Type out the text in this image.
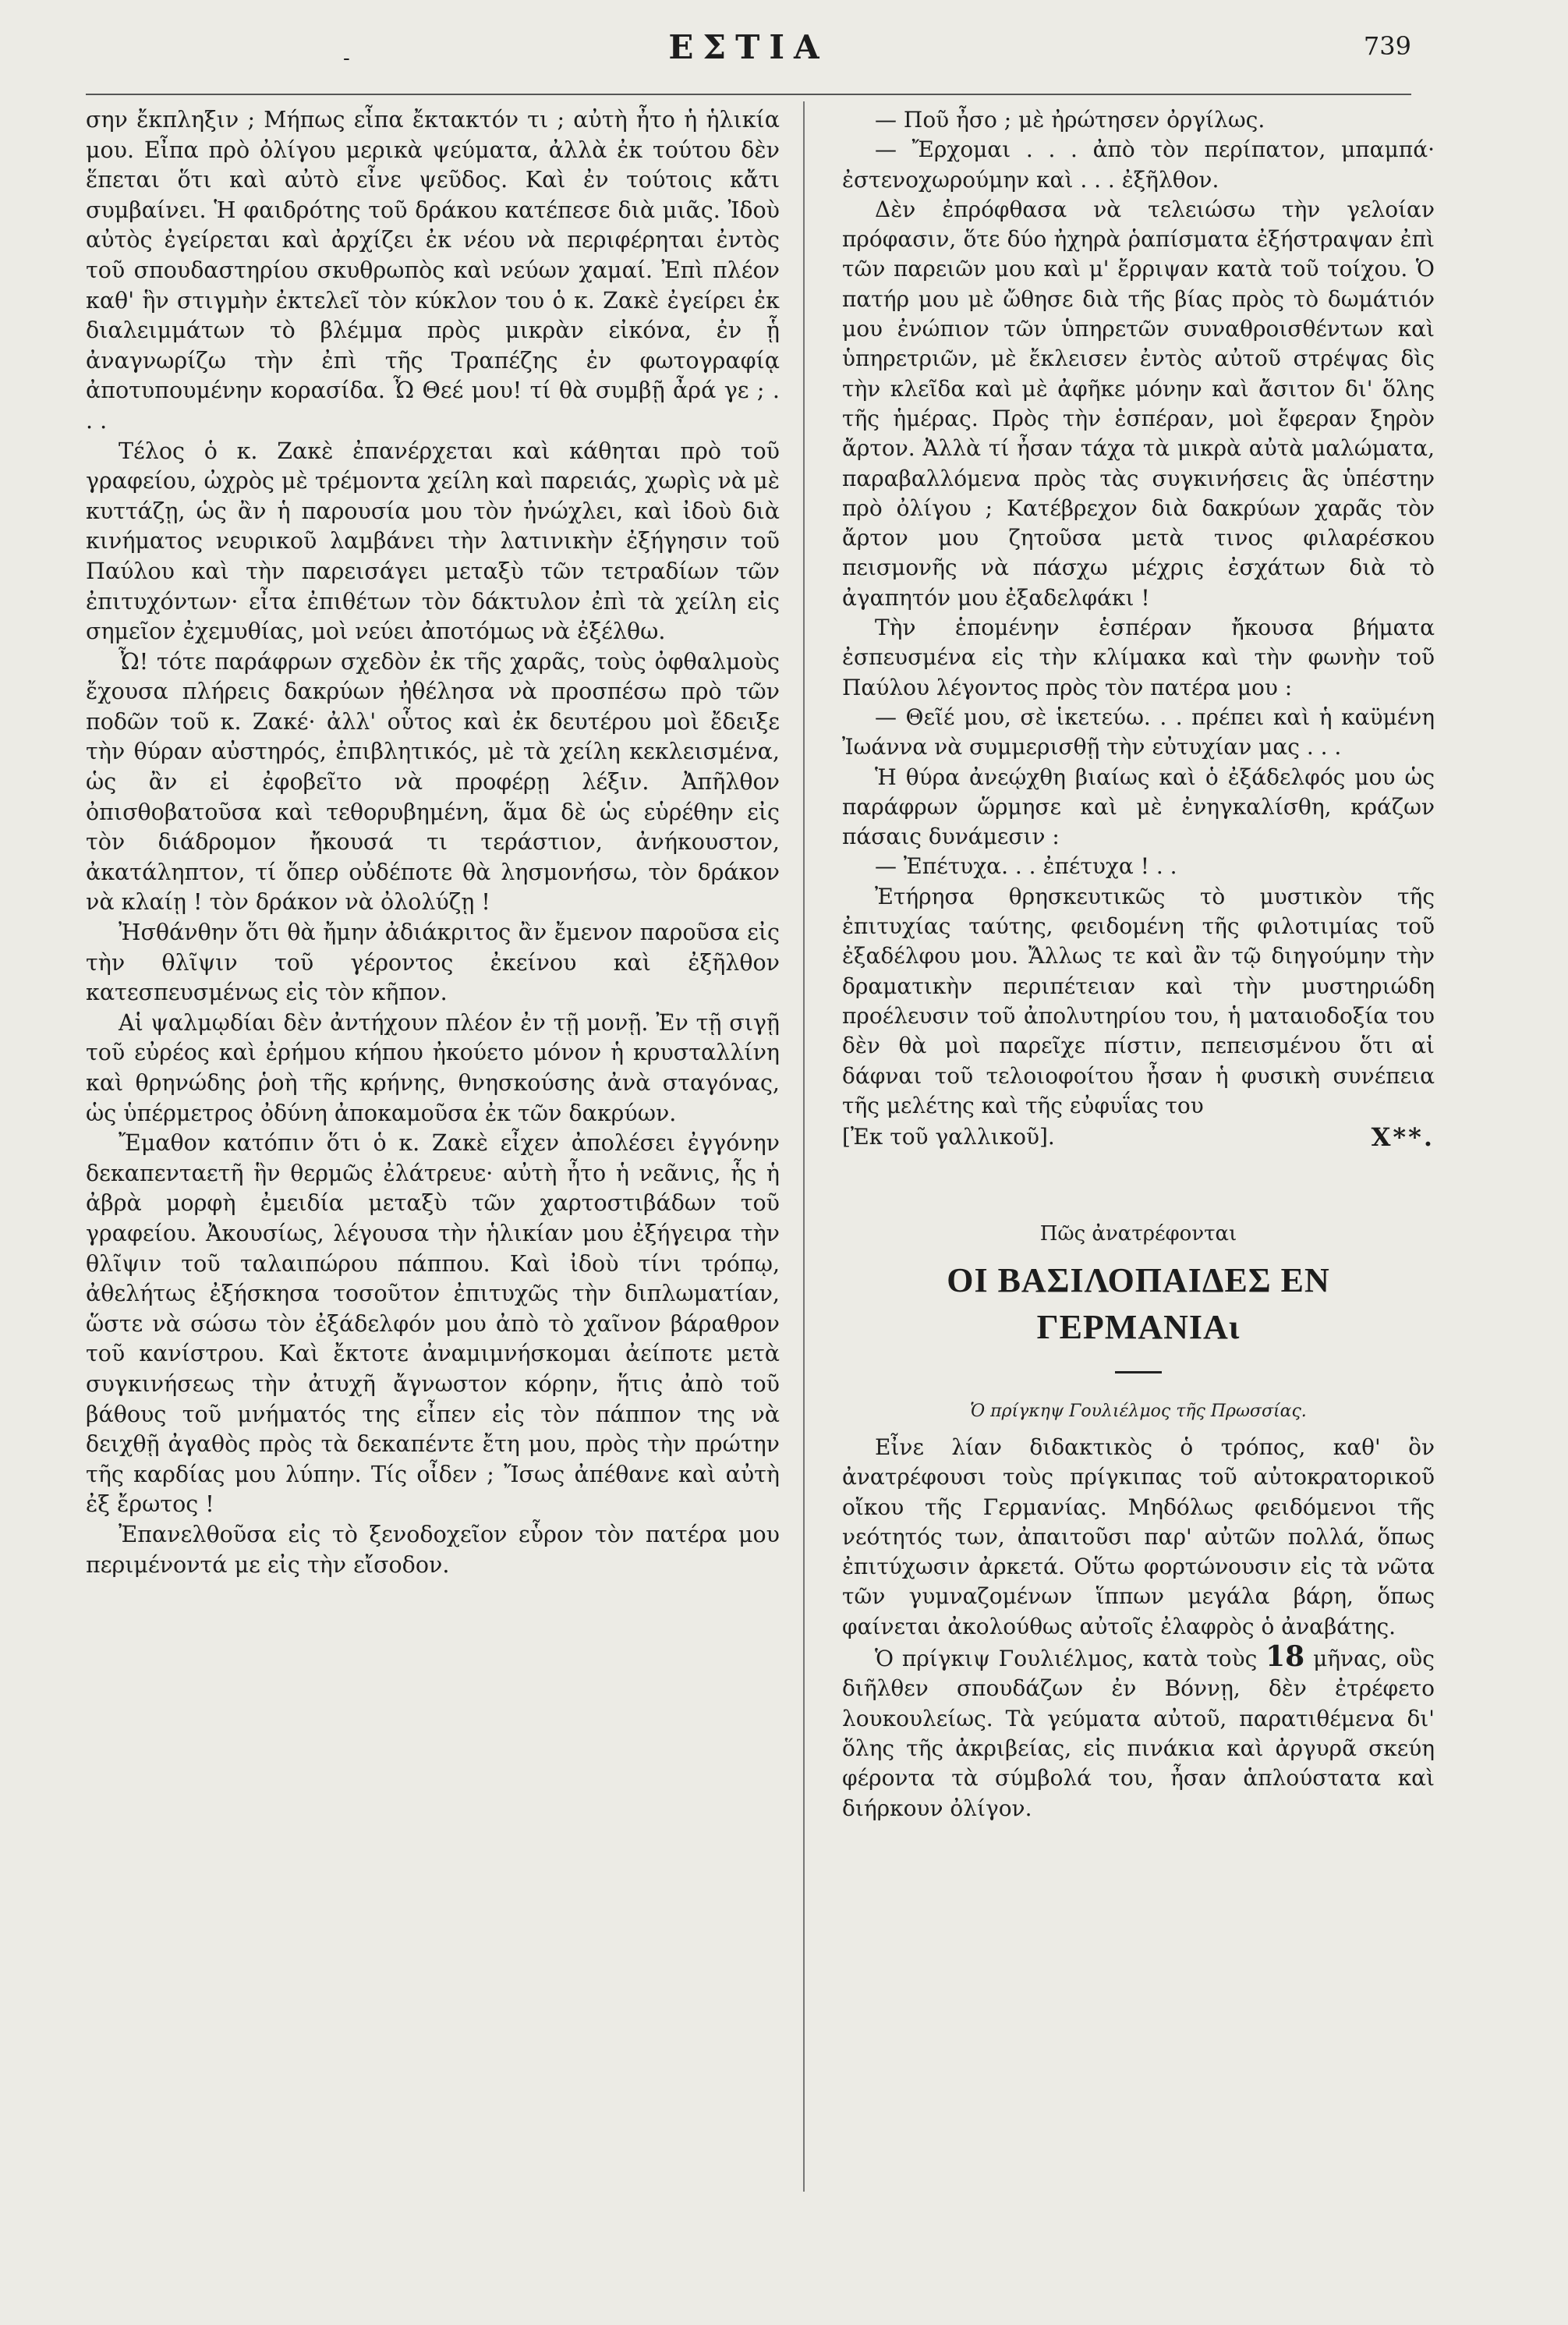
-	ΕΣΤΙΑ	739

σην ἔκπληξιν ; Μήπως εἶπα ἔκτακτόν τι ; αὐτὴ ἦτο ἡ ἡλικία μου. Εἶπα πρὸ ὀλίγου μερικὰ ψεύματα, ἀλλὰ ἐκ τούτου δὲν ἕπεται ὅτι καὶ αὐτὸ εἶνε ψεῦδος. Καὶ ἐν τούτοις κἄτι συμβαίνει. Ἡ φαιδρότης τοῦ δράκου κατέπεσε διὰ μιᾶς. Ἰδοὺ αὐτὸς ἐγείρεται καὶ ἀρχίζει ἐκ νέου νὰ περιφέρηται ἐντὸς τοῦ σπουδαστηρίου σκυθρωπὸς καὶ νεύων χαμαί. Ἐπὶ πλέον καθ' ἣν στιγμὴν ἐκτελεῖ τὸν κύκλον του ὁ κ. Ζακὲ ἐγείρει ἐκ διαλειμμάτων τὸ βλέμμα πρὸς μικρὰν εἰκόνα, ἐν ᾗ ἀναγνωρίζω τὴν ἐπὶ τῆς Τραπέζης ἐν φωτογραφίᾳ ἀποτυπουμένην κορασίδα. Ὦ Θεέ μου! τί θὰ συμβῇ ἆρά γε ; . . .

Τέλος ὁ κ. Ζακὲ ἐπανέρχεται καὶ κάθηται πρὸ τοῦ γραφείου, ὠχρὸς μὲ τρέμοντα χείλη καὶ παρειάς, χωρὶς νὰ μὲ κυττάζῃ, ὡς ἂν ἡ παρουσία μου τὸν ἠνώχλει, καὶ ἰδοὺ διὰ κινήματος νευρικοῦ λαμβάνει τὴν λατινικὴν ἐξήγησιν τοῦ Παύλου καὶ τὴν παρεισάγει μεταξὺ τῶν τετραδίων τῶν ἐπιτυχόντων· εἶτα ἐπιθέτων τὸν δάκτυλον ἐπὶ τὰ χείλη εἰς σημεῖον ἐχεμυθίας, μοὶ νεύει ἀποτόμως νὰ ἐξέλθω.

Ὦ! τότε παράφρων σχεδὸν ἐκ τῆς χαρᾶς, τοὺς ὀφθαλμοὺς ἔχουσα πλήρεις δακρύων ἠθέλησα νὰ προσπέσω πρὸ τῶν ποδῶν τοῦ κ. Ζακέ· ἀλλ' οὗτος καὶ ἐκ δευτέρου μοὶ ἔδειξε τὴν θύραν αὐστηρός, ἐπιβλητικός, μὲ τὰ χείλη κεκλεισμένα, ὡς ἂν εἰ ἐφοβεῖτο νὰ προφέρῃ λέξιν. Ἀπῆλθον ὀπισθοβατοῦσα καὶ τεθορυβημένη, ἅμα δὲ ὡς εὑρέθην εἰς τὸν διάδρομον ἤκουσά τι τεράστιον, ἀνήκουστον, ἀκατάληπτον, τί ὅπερ οὐδέποτε θὰ λησμονήσω, τὸν δράκον νὰ κλαίῃ ! τὸν δράκον νὰ ὀλολύζῃ !

Ἠσθάνθην ὅτι θὰ ἤμην ἀδιάκριτος ἂν ἔμενον παροῦσα εἰς τὴν θλῖψιν τοῦ γέροντος ἐκείνου καὶ ἐξῆλθον κατεσπευσμένως εἰς τὸν κῆπον.

Αἱ ψαλμῳδίαι δὲν ἀντήχουν πλέον ἐν τῇ μονῇ. Ἐν τῇ σιγῇ τοῦ εὐρέος καὶ ἐρήμου κήπου ἠκούετο μόνον ἡ κρυσταλλίνη καὶ θρηνώδης ῥοὴ τῆς κρήνης, θνησκούσης ἀνὰ σταγόνας, ὡς ὑπέρμετρος ὀδύνη ἀποκαμοῦσα ἐκ τῶν δακρύων.

Ἔμαθον κατόπιν ὅτι ὁ κ. Ζακὲ εἶχεν ἀπολέσει ἐγγόνην δεκαπενταετῆ ἣν θερμῶς ἐλάτρευε· αὐτὴ ἦτο ἡ νεᾶνις, ἧς ἡ ἀβρὰ μορφὴ ἐμειδία μεταξὺ τῶν χαρτοστιβάδων τοῦ γραφείου. Ἀκουσίως, λέγουσα τὴν ἡλικίαν μου ἐξήγειρα τὴν θλῖψιν τοῦ ταλαιπώρου πάππου. Καὶ ἰδοὺ τίνι τρόπῳ, ἀθελήτως ἐξήσκησα τοσοῦτον ἐπιτυχῶς τὴν διπλωματίαν, ὥστε νὰ σώσω τὸν ἐξάδελφόν μου ἀπὸ τὸ χαῖνον βάραθρον τοῦ κανίστρου. Καὶ ἔκτοτε ἀναμιμνήσκομαι ἀείποτε μετὰ συγκινήσεως τὴν ἀτυχῆ ἄγνωστον κόρην, ἥτις ἀπὸ τοῦ βάθους τοῦ μνήματός της εἶπεν εἰς τὸν πάππον της νὰ δειχθῇ ἀγαθὸς πρὸς τὰ δεκαπέντε ἔτη μου, πρὸς τὴν πρώτην τῆς καρδίας μου λύπην. Τίς οἶδεν ; Ἴσως ἀπέθανε καὶ αὐτὴ ἐξ ἔρωτος !

Ἐπανελθοῦσα εἰς τὸ ξενοδοχεῖον εὗρον τὸν πατέρα μου περιμένοντά με εἰς τὴν εἴσοδον.

— Ποῦ ἦσο ; μὲ ἠρώτησεν ὀργίλως.

— Ἔρχομαι . . . ἀπὸ τὸν περίπατον, μπαμπά· ἐστενοχωρούμην καὶ . . . ἐξῆλθον.

Δὲν ἐπρόφθασα νὰ τελειώσω τὴν γελοίαν πρόφασιν, ὅτε δύο ἠχηρὰ ῥαπίσματα ἐξήστραψαν ἐπὶ τῶν παρειῶν μου καὶ μ' ἔρριψαν κατὰ τοῦ τοίχου. Ὁ πατήρ μου μὲ ὤθησε διὰ τῆς βίας πρὸς τὸ δωμάτιόν μου ἐνώπιον τῶν ὑπηρετῶν συναθροισθέντων καὶ ὑπηρετριῶν, μὲ ἔκλεισεν ἐντὸς αὐτοῦ στρέψας δὶς τὴν κλεῖδα καὶ μὲ ἀφῆκε μόνην καὶ ἄσιτον δι' ὅλης τῆς ἡμέρας. Πρὸς τὴν ἑσπέραν, μοὶ ἔφεραν ξηρὸν ἄρτον. Ἀλλὰ τί ἦσαν τάχα τὰ μικρὰ αὐτὰ μαλώματα, παραβαλλόμενα πρὸς τὰς συγκινήσεις ἃς ὑπέστην πρὸ ὀλίγου ; Κατέβρεχον διὰ δακρύων χαρᾶς τὸν ἄρτον μου ζητοῦσα μετὰ τινος φιλαρέσκου πεισμονῆς νὰ πάσχω μέχρις ἐσχάτων διὰ τὸ ἀγαπητόν μου ἐξαδελφάκι !

Τὴν ἑπομένην ἑσπέραν ἤκουσα βήματα ἐσπευσμένα εἰς τὴν κλίμακα καὶ τὴν φωνὴν τοῦ Παύλου λέγοντος πρὸς τὸν πατέρα μου :

— Θεῖέ μου, σὲ ἱκετεύω. . . πρέπει καὶ ἡ καϋμένη Ἰωάννα νὰ συμμερισθῇ τὴν εὐτυχίαν μας . . .

Ἡ θύρα ἀνεῴχθη βιαίως καὶ ὁ ἐξάδελφός μου ὡς παράφρων ὥρμησε καὶ μὲ ἐνηγκαλίσθη, κράζων πάσαις δυνάμεσιν :

— Ἐπέτυχα. . . ἐπέτυχα ! . .

Ἐτήρησα θρησκευτικῶς τὸ μυστικὸν τῆς ἐπιτυχίας ταύτης, φειδομένη τῆς φιλοτιμίας τοῦ ἐξαδέλφου μου. Ἄλλως τε καὶ ἂν τῷ διηγούμην τὴν δραματικὴν περιπέτειαν καὶ τὴν μυστηριώδη προέλευσιν τοῦ ἀπολυτηρίου του, ἡ ματαιοδοξία του δὲν θὰ μοὶ παρεῖχε πίστιν, πεπεισμένου ὅτι αἱ δάφναι τοῦ τελοιοφοίτου ἦσαν ἡ φυσικὴ συνέπεια τῆς μελέτης καὶ τῆς εὐφυΐας του

[Ἐκ τοῦ γαλλικοῦ].	X**.
Πῶς ἀνατρέφονται
ΟΙ ΒΑΣΙΛΟΠΑΙΔΕΣ ΕΝ ΓΕΡΜΑΝΙΑι
Ὁ πρίγκηψ Γουλιέλμος τῆς Πρωσσίας.

Εἶνε λίαν διδακτικὸς ὁ τρόπος, καθ' ὃν ἀνατρέφουσι τοὺς πρίγκιπας τοῦ αὐτοκρατορικοῦ οἴκου τῆς Γερμανίας. Μηδόλως φειδόμενοι τῆς νεότητός των, ἀπαιτοῦσι παρ' αὐτῶν πολλά, ὅπως ἐπιτύχωσιν ἀρκετά. Οὕτω φορτώνουσιν εἰς τὰ νῶτα τῶν γυμναζομένων ἵππων μεγάλα βάρη, ὅπως φαίνεται ἀκολούθως αὐτοῖς ἐλαφρὸς ὁ ἀναβάτης.

Ὁ πρίγκιψ Γουλιέλμος, κατὰ τοὺς 18 μῆνας, οὓς διῆλθεν σπουδάζων ἐν Βόννῃ, δὲν ἐτρέφετο λουκουλείως. Τὰ γεύματα αὐτοῦ, παρατιθέμενα δι' ὅλης τῆς ἀκριβείας, εἰς πινάκια καὶ ἀργυρᾶ σκεύη φέροντα τὰ σύμβολά του, ἦσαν ἁπλούστατα καὶ διήρκουν ὀλίγον.
